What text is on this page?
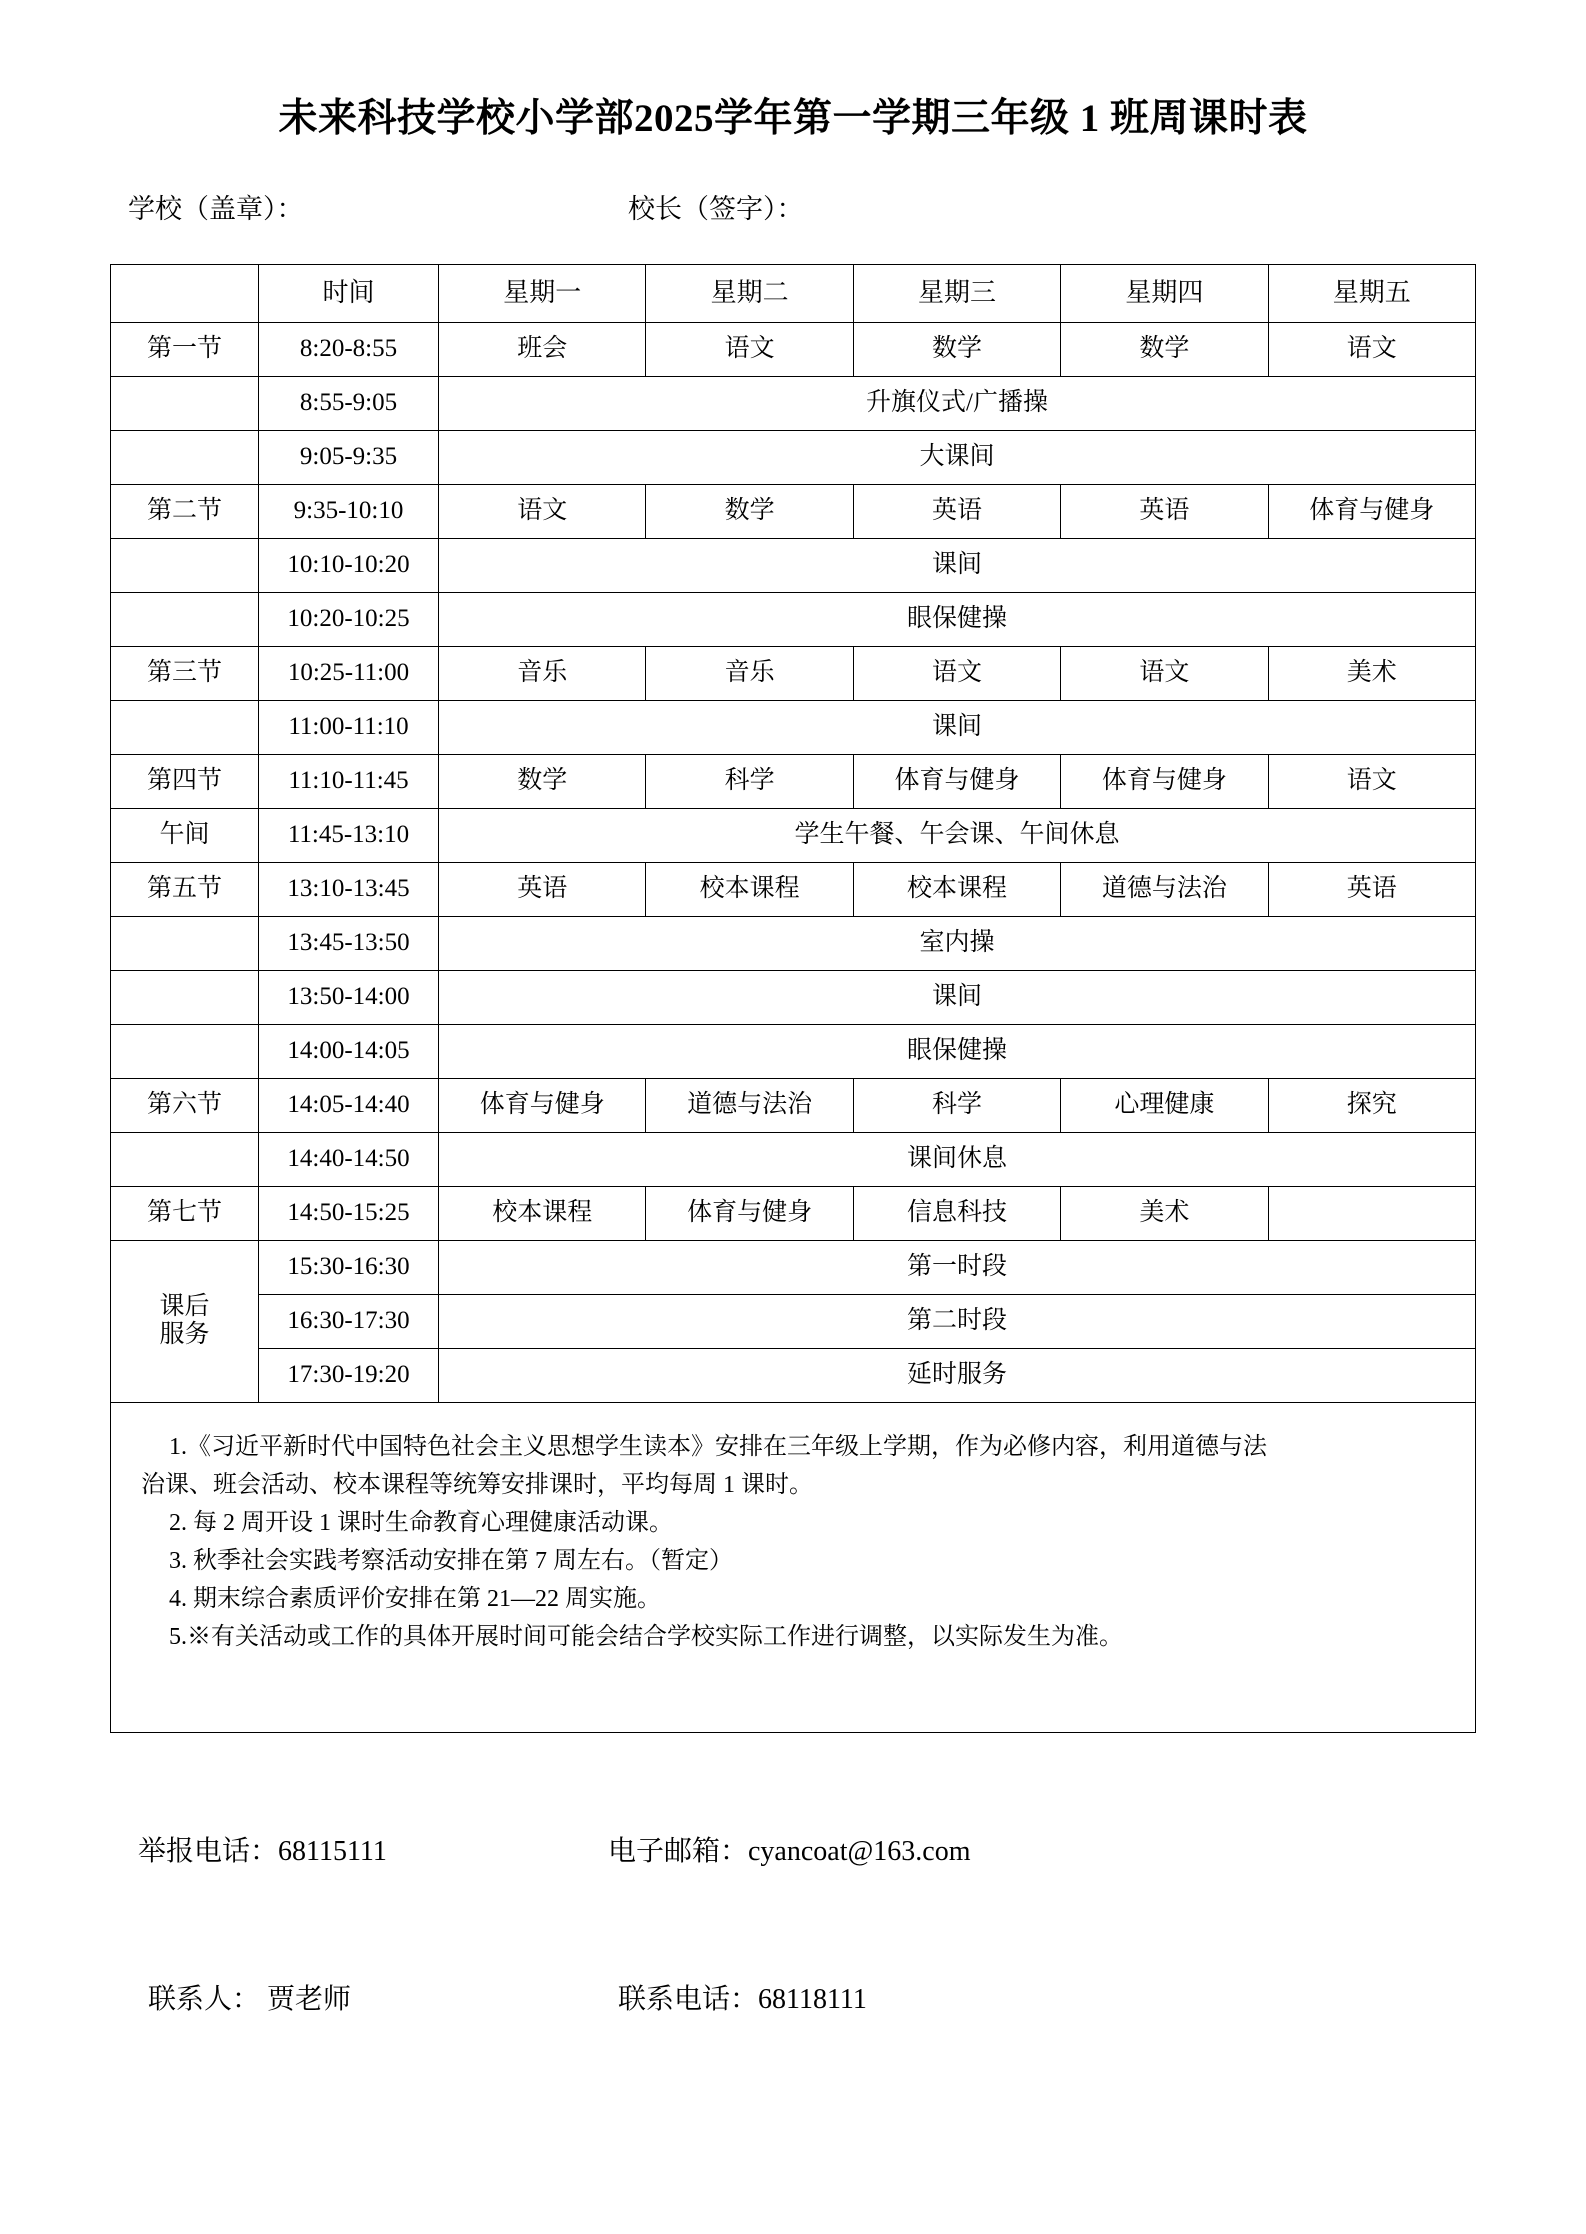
未来科技学校小学部2025学年第一学期三年级 1 班周课时表
学校（盖章）：	校长（签字）：
	时间	星期一	星期二	星期三	星期四	星期五
第一节	8:20-8:55	班会	语文	数学	数学	语文
	8:55-9:05	升旗仪式/广播操				
	9:05-9:35	大课间				
第二节	9:35-10:10	语文	数学	英语	英语	体育与健身
	10:10-10:20	课间				
	10:20-10:25	眼保健操				
第三节	10:25-11:00	音乐	音乐	语文	语文	美术
	11:00-11:10	课间				
第四节	11:10-11:45	数学	科学	体育与健身	体育与健身	语文
午间	11:45-13:10	学生午餐、午会课、午间休息				
第五节	13:10-13:45	英语	校本课程	校本课程	道德与法治	英语
	13:45-13:50	室内操				
	13:50-14:00	课间				
	14:00-14:05	眼保健操				
第六节	14:05-14:40	体育与健身	道德与法治	科学	心理健康	探究
	14:40-14:50	课间休息				
第七节	14:50-15:25	校本课程	体育与健身	信息科技	美术	
课后
服务	15:30-16:30	第一时段				
	16:30-17:30	第二时段				
	17:30-19:20	延时服务				

1.《习近平新时代中国特色社会主义思想学生读本》安排在三年级上学期，作为必修内容，利用道德与法

治课、班会活动、校本课程等统筹安排课时，平均每周 1 课时。

2. 每 2 周开设 1 课时生命教育心理健康活动课。

3. 秋季社会实践考察活动安排在第 7 周左右。（暂定）

4. 期末综合素质评价安排在第 21—22 周实施。

5.※有关活动或工作的具体开展时间可能会结合学校实际工作进行调整，以实际发生为准。

举报电话：68115111	电子邮箱：cyancoat@163.com
联系人： 贾老师	联系电话：68118111
